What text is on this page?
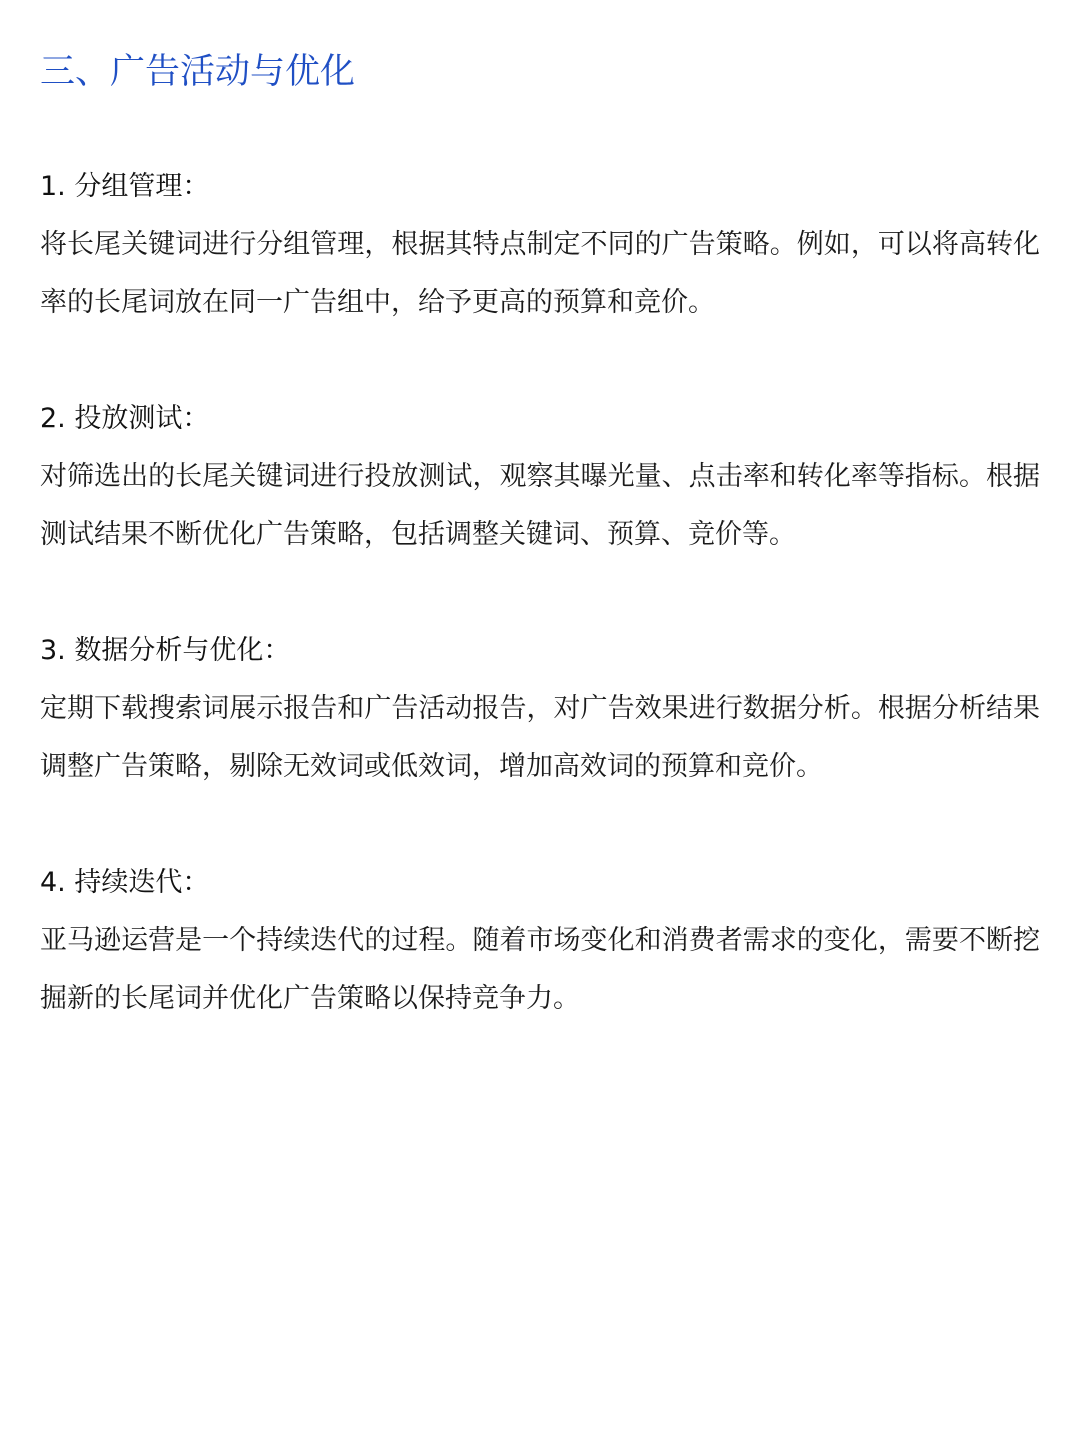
三、广告活动与优化

1. 分组管理：

将长尾关键词进行分组管理，根据其特点制定不同的广告策略。例如，可以将高转化率的长尾词放在同一广告组中，给予更高的预算和竞价。

2. 投放测试：

对筛选出的长尾关键词进行投放测试，观察其曝光量、点击率和转化率等指标。根据测试结果不断优化广告策略，包括调整关键词、预算、竞价等。

3. 数据分析与优化：

定期下载搜索词展示报告和广告活动报告，对广告效果进行数据分析。根据分析结果调整广告策略，剔除无效词或低效词，增加高效词的预算和竞价。

4. 持续迭代：

亚马逊运营是一个持续迭代的过程。随着市场变化和消费者需求的变化，需要不断挖掘新的长尾词并优化广告策略以保持竞争力。
